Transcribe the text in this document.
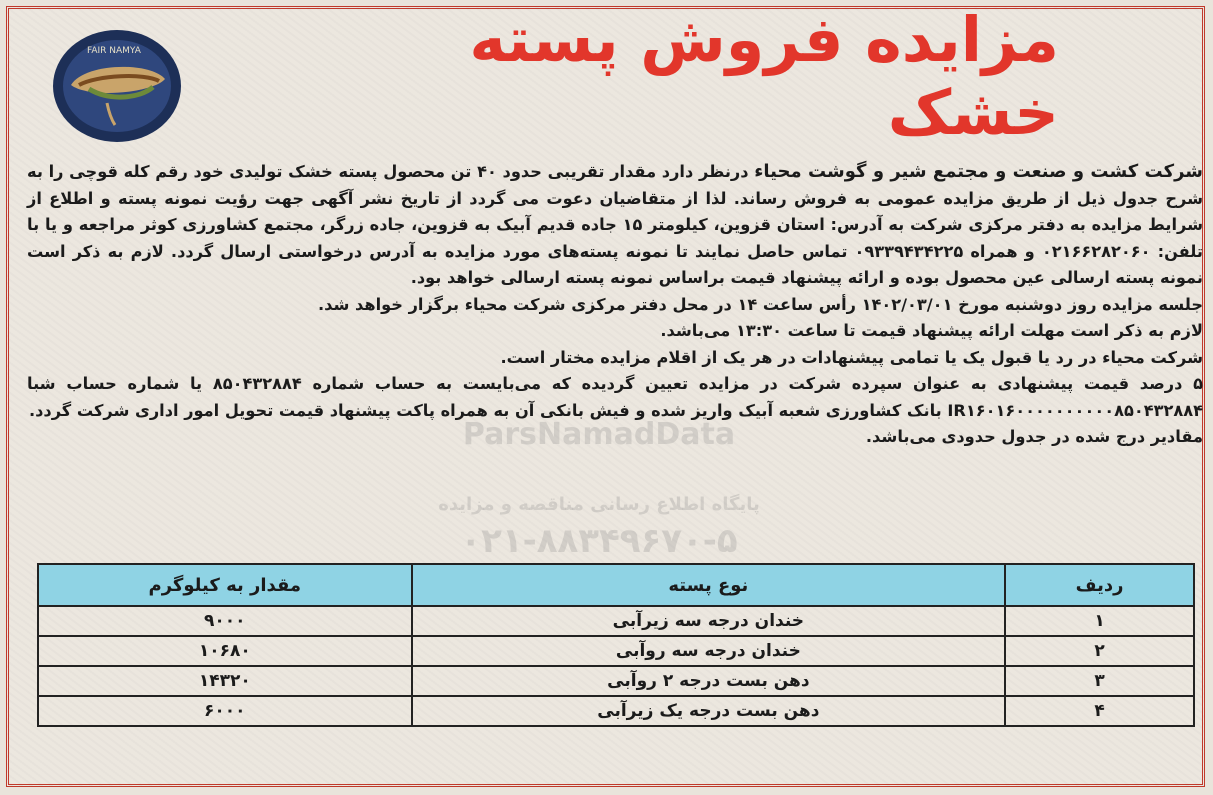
FAIR NAMYA	مزایده فروش پسته خشک
ParsNamadData
پایگاه اطلاع رسانی مناقصه و مزایده
۰۲۱-۸۸۳۴۹۶۷۰-۵

شرکت کشت و صنعت و مجتمع شیر و گوشت محیاء درنظر دارد مقدار تقریبی حدود ۴۰ تن محصول پسته خشک تولیدی خود رقم کله قوچی را به شرح جدول ذیل از طریق مزایده عمومی به فروش رساند. لذا از متقاضیان دعوت می گردد از تاریخ نشر آگهی جهت رؤیت نمونه پسته و اطلاع از شرایط مزایده به دفتر مرکزی شرکت به آدرس: استان قزوین، کیلومتر ۱۵ جاده قدیم آبیک به قزوین، جاده زرگر، مجتمع کشاورزی کوثر مراجعه و یا با تلفن: ۰۲۱۶۶۲۸۲۰۶۰ و همراه ۰۹۳۳۹۴۳۴۲۲۵ تماس حاصل نمایند تا نمونه پسته‌های مورد مزایده به آدرس درخواستی ارسال گردد. لازم به ذکر است نمونه پسته ارسالی عین محصول بوده و ارائه پیشنهاد قیمت براساس نمونه پسته ارسالی خواهد بود.

جلسه مزایده روز دوشنبه مورخ ۱۴۰۲/۰۳/۰۱ رأس ساعت ۱۴ در محل دفتر مرکزی شرکت محیاء برگزار خواهد شد.

لازم به ذکر است مهلت ارائه پیشنهاد قیمت تا ساعت ۱۳:۳۰ می‌باشد.

شرکت محیاء در رد یا قبول یک یا تمامی پیشنهادات در هر یک از اقلام مزایده مختار است.

۵ درصد قیمت پیشنهادی به عنوان سپرده شرکت در مزایده تعیین گردیده که می‌بایست به حساب شماره ۸۵۰۴۳۲۸۸۴ یا شماره حساب شبا IR۱۶۰۱۶۰۰۰۰۰۰۰۰۰۰۸۵۰۴۳۲۸۸۴ بانک کشاورزی شعبه آبیک واریز شده و فیش بانکی آن به همراه پاکت پیشنهاد قیمت تحویل امور اداری شرکت گردد.

مقادیر درج شده در جدول حدودی می‌باشد.

ردیف	نوع پسته	مقدار به کیلوگرم
۱	خندان درجه سه زیرآبی	۹۰۰۰
۲	خندان درجه سه روآبی	۱۰۶۸۰
۳	دهن بست درجه ۲ روآبی	۱۴۳۲۰
۴	دهن بست درجه یک زیرآبی	۶۰۰۰
